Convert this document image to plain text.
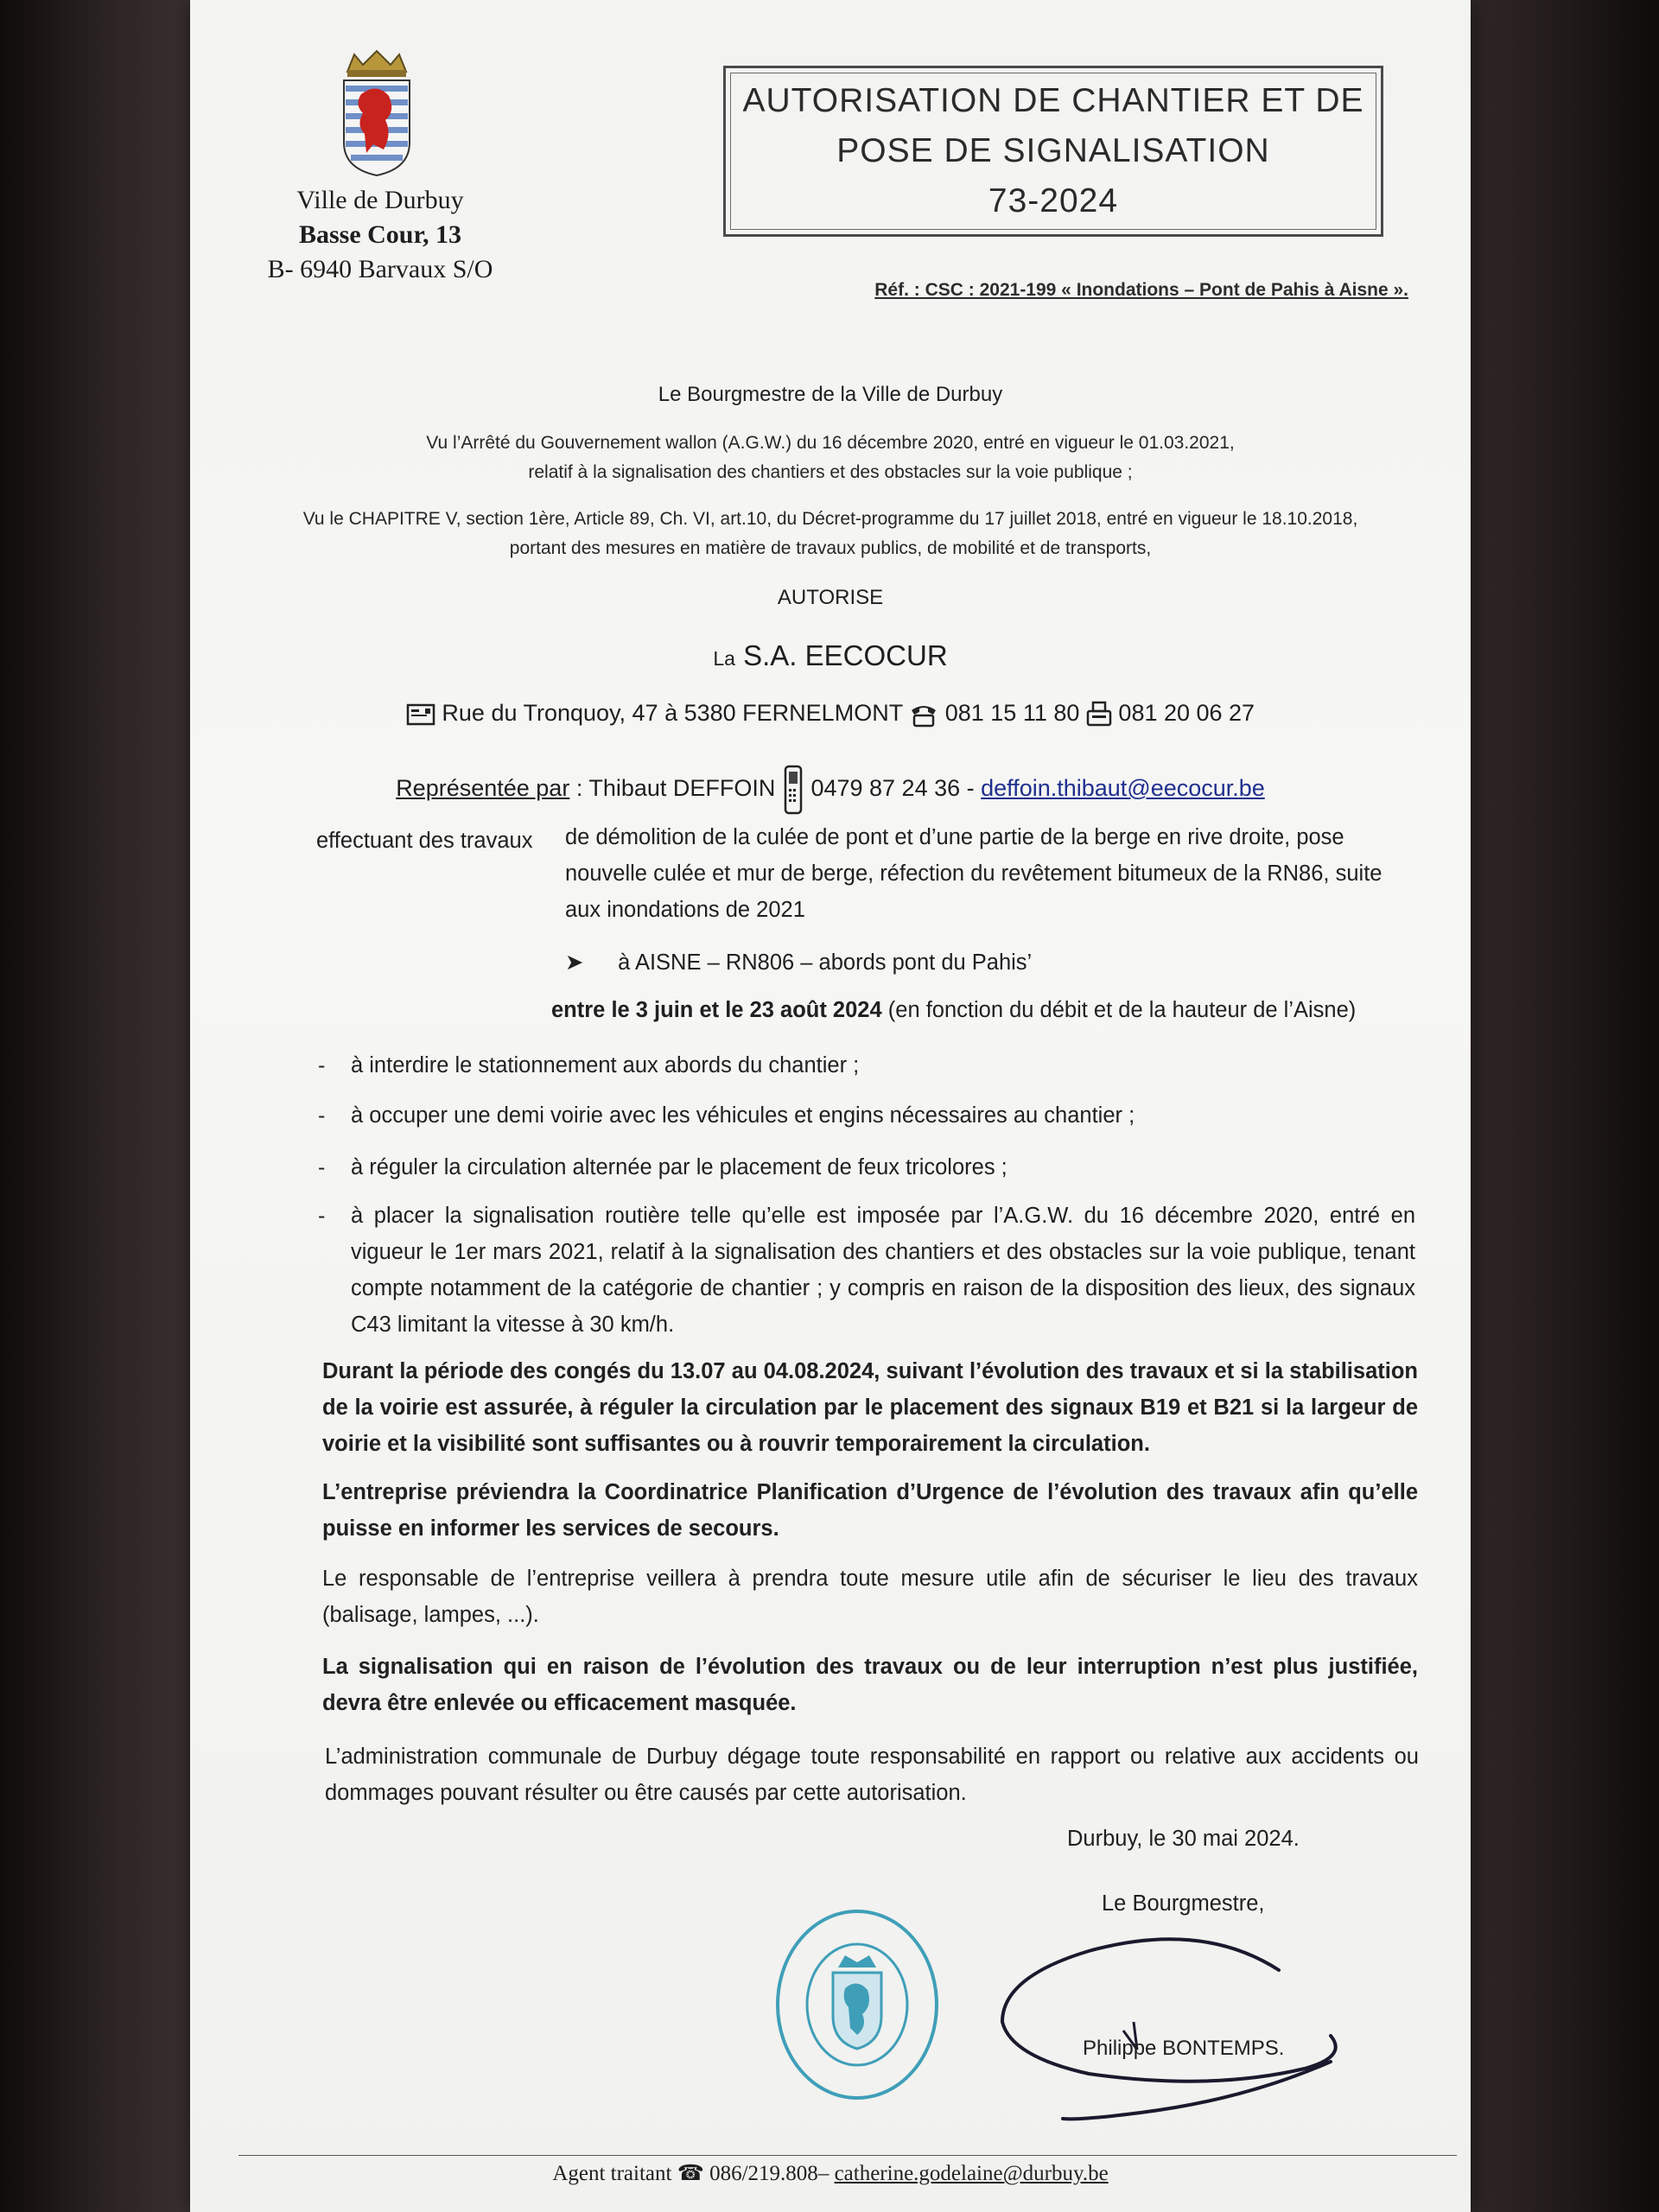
Ville de Durbuy
Basse Cour, 13
B- 6940 Barvaux S/O
AUTORISATION DE CHANTIER ET DE
POSE DE SIGNALISATION
73-2024
Réf. : CSC : 2021-199 « Inondations – Pont de Pahis à Aisne ».
Le Bourgmestre de la Ville de Durbuy
Vu l’Arrêté du Gouvernement wallon (A.G.W.) du 16 décembre 2020, entré en vigueur le 01.03.2021,
relatif à la signalisation des chantiers et des obstacles sur la voie publique ;
Vu le CHAPITRE V, section 1ère, Article 89, Ch. VI, art.10, du Décret-programme du 17 juillet 2018, entré en vigueur le 18.10.2018,
portant des mesures en matière de travaux publics, de mobilité et de transports,
AUTORISE
La S.A. EECOCUR
Rue du Tronquoy, 47 à 5380 FERNELMONT 081 15 11 80 081 20 06 27
Représentée par : Thibaut DEFFOIN 0479 87 24 36 - deffoin.thibaut@eecocur.be
effectuant des travaux de démolition de la culée de pont et d’une partie de la berge en rive droite, pose
nouvelle culée et mur de berge, réfection du revêtement bitumeux de la RN86, suite
aux inondations de 2021
➤ à AISNE – RN806 – abords pont du Pahis’
entre le 3 juin et le 23 août 2024 (en fonction du débit et de la hauteur de l’Aisne)
- à interdire le stationnement aux abords du chantier ;
- à occuper une demi voirie avec les véhicules et engins nécessaires au chantier ;
- à réguler la circulation alternée par le placement de feux tricolores ;
- à placer la signalisation routière telle qu’elle est imposée par l’A.G.W. du 16 décembre 2020, entré en vigueur le 1er mars 2021, relatif à la signalisation des chantiers et des obstacles sur la voie publique, tenant compte notamment de la catégorie de chantier ; y compris en raison de la disposition des lieux, des signaux C43 limitant la vitesse à 30 km/h.
Durant la période des congés du 13.07 au 04.08.2024, suivant l’évolution des travaux et si la stabilisation de la voirie est assurée, à réguler la circulation par le placement des signaux B19 et B21 si la largeur de voirie et la visibilité sont suffisantes ou à rouvrir temporairement la circulation.
L’entreprise préviendra la Coordinatrice Planification d’Urgence de l’évolution des travaux afin qu’elle puisse en informer les services de secours.
Le responsable de l’entreprise veillera à prendra toute mesure utile afin de sécuriser le lieu des travaux (balisage, lampes, ...).
La signalisation qui en raison de l’évolution des travaux ou de leur interruption n’est plus justifiée, devra être enlevée ou efficacement masquée.
L’administration communale de Durbuy dégage toute responsabilité en rapport ou relative aux accidents ou dommages pouvant résulter ou être causés par cette autorisation.
Durbuy, le 30 mai 2024.
Le Bourgmestre,
Philippe BONTEMPS.
Agent traitant ☎ 086/219.808– catherine.godelaine@durbuy.be
